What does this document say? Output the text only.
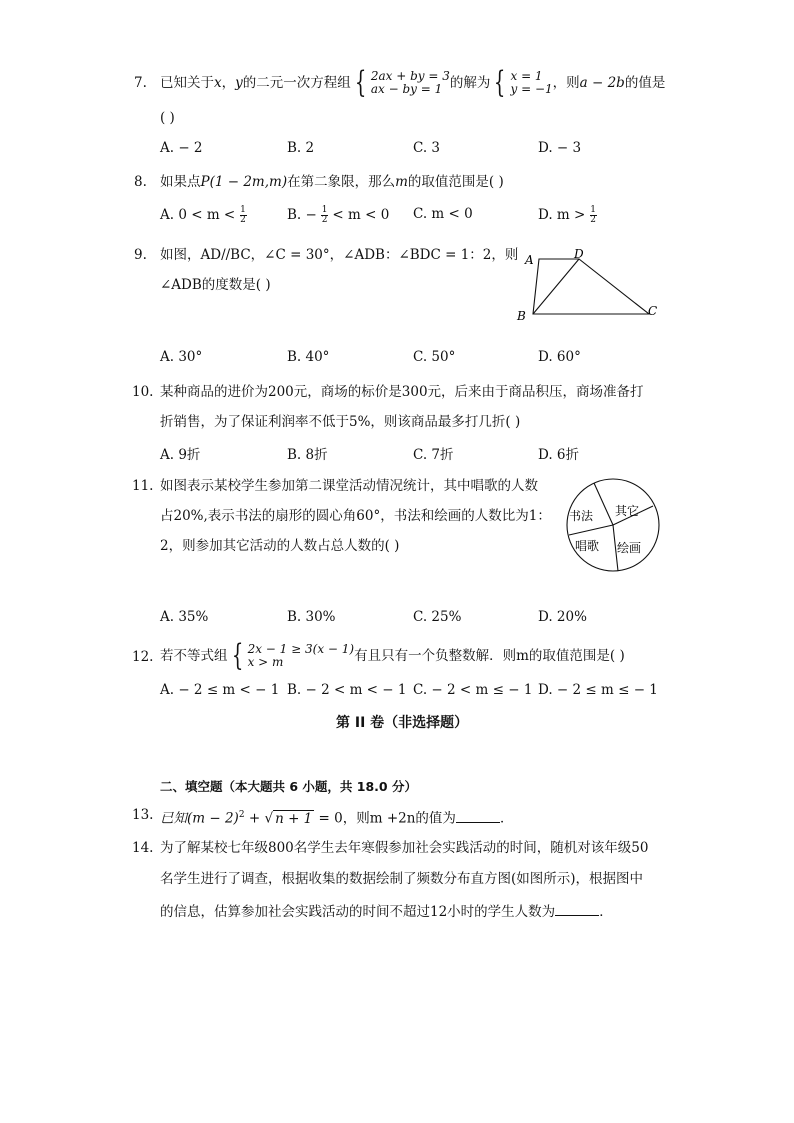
7. 已知关于 x ， y 的二元一次方程组 { 2ax + by = 3
ax − by = 1 的解为 { x = 1
y = −1 ，则 a − 2b 的值是
( )
A. − 2	B. 2	C. 3	D. − 3
8. 如果点P(1 − 2m,m)在第二象限，那么m的取值范围是( )
A. $0 < m < \frac{1}{2}$	B. − $\frac{1}{2} < m < 0$ C. m < 0	D. $m > \frac{1}{2}$
9. 如图，AD//BC，∠C = 30°，∠ADB：∠BDC = 1：2，则
∠ADB的度数是( )
A	D
B	C
A. 30°	B. 40°	C. 50°	D. 60°
10. 某种商品的进价为200元，商场的标价是300元，后来由于商品积压，商场准备打
折销售，为了保证利润率不低于5%，则该商品最多打几折( )
A. 9折	B. 8折	C. 7折	D. 6折
11. 如图表示某校学生参加第二课堂活动情况统计，其中唱歌的人数
占20%,表示书法的扇形的圆心角60°，书法和绘画的人数比为1：
2，则参加其它活动的人数占总人数的( )
书法 其它
唱歌 绘画
A. 35%	B. 30%	C. 25%	D. 20%
12. 若不等式组 { 2x − 1 ≥ 3(x − 1)
x > m	有且只有一个负整数解．则m的取值范围是( )
A. − 2 ≤ m < − 1 B. − 2 < m < − 1 C. − 2 < m ≤ − 1 D. − 2 ≤ m ≤ − 1
第 II 卷（非选择题）
二、填空题（本大题共 6 小题，共 18.0 分）
13. 已知$(m - 2)^2$ + √ n + 1 = 0，则m +2n的值为	．
14. 为了解某校七年级800名学生去年寒假参加社会实践活动的时间，随机对该年级50
名学生进行了调查，根据收集的数据绘制了频数分布直方图(如图所示)，根据图中
的信息，估算参加社会实践活动的时间不超过12小时的学生人数为	．
